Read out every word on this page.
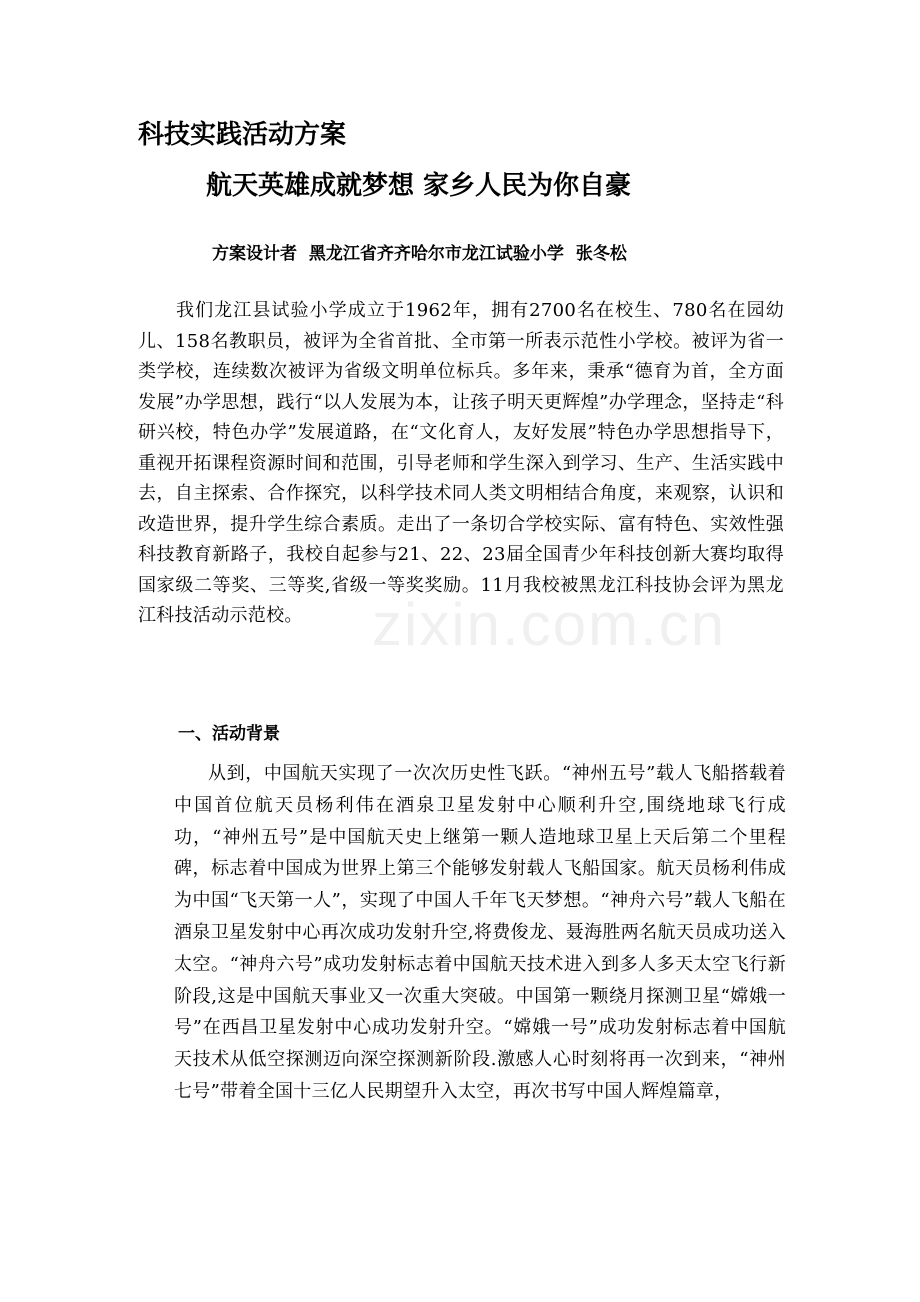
科技实践活动方案
航天英雄成就梦想 家乡人民为你自豪
方案设计者 黑龙江省齐齐哈尔市龙江试验小学 张冬松

我们龙江县试验小学成立于1962年，拥有2700名在校生、780名在园幼儿、158名教职员，被评为全省首批、全市第一所表示范性小学校。被评为省一类学校，连续数次被评为省级文明单位标兵。多年来，秉承“德育为首，全方面发展”办学思想，践行“以人发展为本，让孩子明天更辉煌”办学理念，坚持走“科研兴校，特色办学”发展道路，在“文化育人，友好发展”特色办学思想指导下，重视开拓课程资源时间和范围，引导老师和学生深入到学习、生产、生活实践中去，自主探索、合作探究，以科学技术同人类文明相结合角度，来观察，认识和改造世界，提升学生综合素质。走出了一条切合学校实际、富有特色、实效性强科技教育新路子，我校自起参与21、22、23届全国青少年科技创新大赛均取得国家级二等奖、三等奖,省级一等奖奖励。11月我校被黑龙江科技协会评为黑龙江科技活动示范校。

一、活动背景

从到，中国航天实现了一次次历史性飞跃。“神州五号”载人飞船搭载着中国首位航天员杨利伟在酒泉卫星发射中心顺利升空,围绕地球飞行成功，“神州五号”是中国航天史上继第一颗人造地球卫星上天后第二个里程碑，标志着中国成为世界上第三个能够发射载人飞船国家。航天员杨利伟成为中国“飞天第一人”，实现了中国人千年飞天梦想。“神舟六号”载人飞船在酒泉卫星发射中心再次成功发射升空,将费俊龙、聂海胜两名航天员成功送入太空。“神舟六号”成功发射标志着中国航天技术进入到多人多天太空飞行新阶段,这是中国航天事业又一次重大突破。中国第一颗绕月探测卫星“嫦娥一号”在西昌卫星发射中心成功发射升空。“嫦娥一号”成功发射标志着中国航天技术从低空探测迈向深空探测新阶段.激感人心时刻将再一次到来，“神州七号”带着全国十三亿人民期望升入太空，再次书写中国人辉煌篇章，

zixin.com.cn
